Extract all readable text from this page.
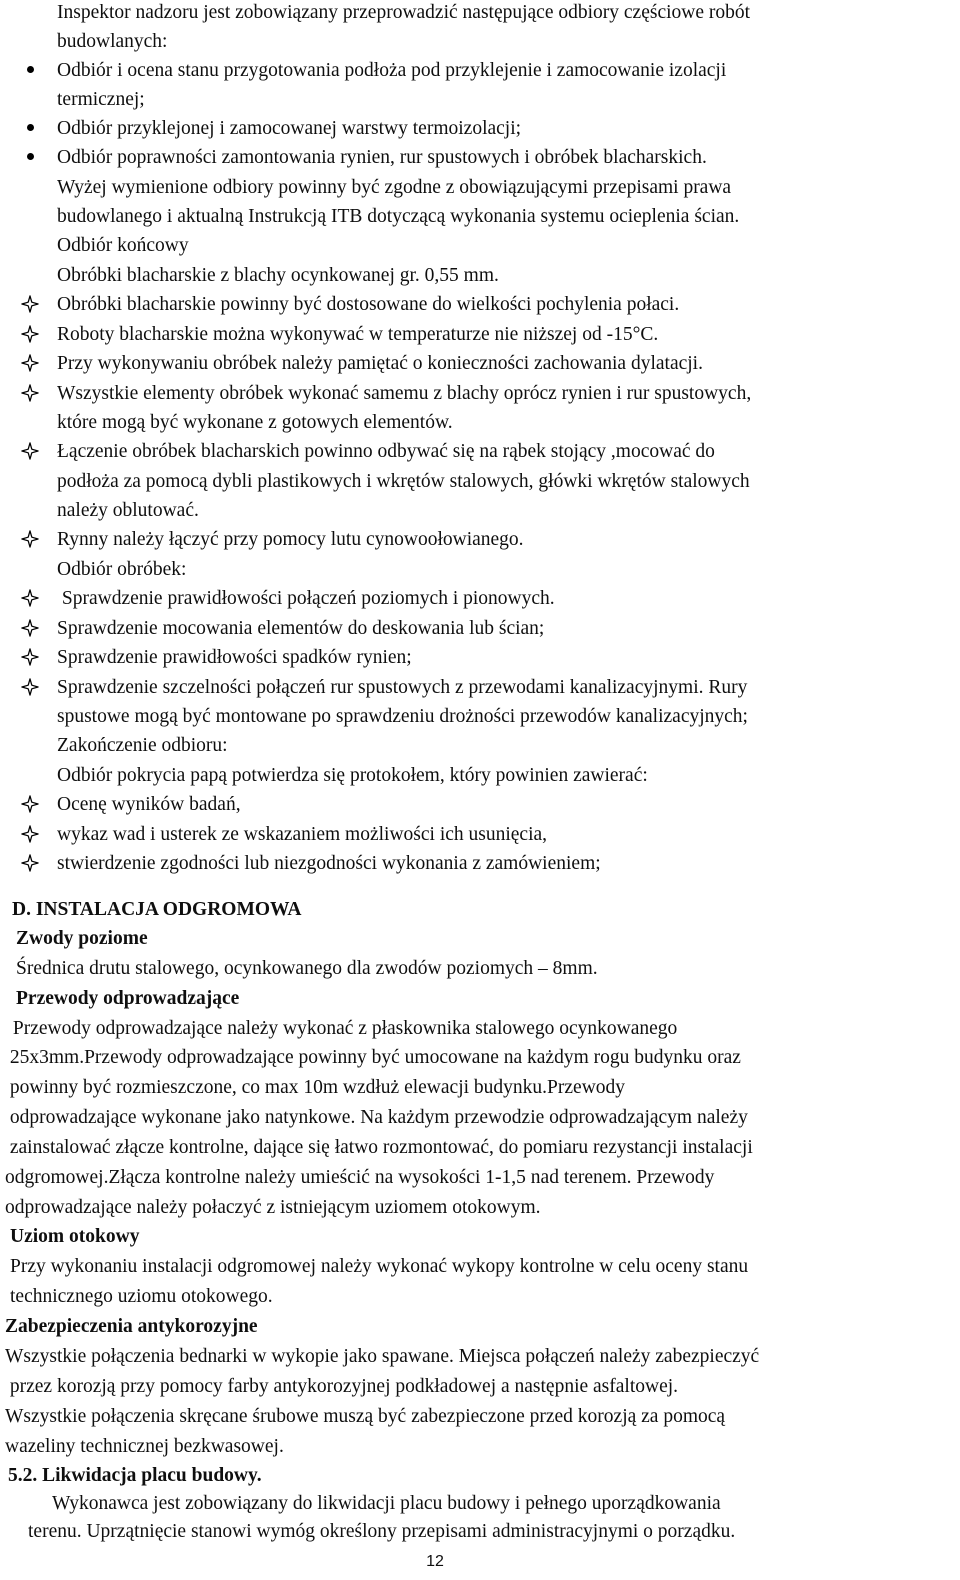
Inspektor nadzoru jest zobowiązany przeprowadzić następujące odbiory częściowe robót
budowlanych:
Odbiór i ocena stanu przygotowania podłoża pod przyklejenie i zamocowanie izolacji
termicznej;
Odbiór przyklejonej i zamocowanej warstwy termoizolacji;
Odbiór poprawności zamontowania rynien, rur spustowych i obróbek blacharskich.
Wyżej wymienione odbiory powinny być zgodne z obowiązującymi przepisami prawa
budowlanego i aktualną Instrukcją ITB dotyczącą wykonania systemu ocieplenia ścian.
Odbiór końcowy
Obróbki blacharskie z blachy ocynkowanej gr. 0,55 mm.
Obróbki blacharskie powinny być dostosowane do wielkości pochylenia połaci.
Roboty blacharskie można wykonywać w temperaturze nie niższej od -15°C.
Przy wykonywaniu obróbek należy pamiętać o konieczności zachowania dylatacji.
Wszystkie elementy obróbek wykonać samemu z blachy oprócz rynien i rur spustowych,
które mogą być wykonane z gotowych elementów.
Łączenie obróbek blacharskich powinno odbywać się na rąbek stojący ,mocować do
podłoża za pomocą dybli plastikowych i wkrętów stalowych, główki wkrętów stalowych
należy oblutować.
Rynny należy łączyć przy pomocy lutu cynowoołowianego.
Odbiór obróbek:
Sprawdzenie prawidłowości połączeń poziomych i pionowych.
Sprawdzenie mocowania elementów do deskowania lub ścian;
Sprawdzenie prawidłowości spadków rynien;
Sprawdzenie szczelności połączeń rur spustowych z przewodami kanalizacyjnymi. Rury
spustowe mogą być montowane po sprawdzeniu drożności przewodów kanalizacyjnych;
Zakończenie odbioru:
Odbiór pokrycia papą potwierdza się protokołem, który powinien zawierać:
Ocenę wyników badań,
wykaz wad i usterek ze wskazaniem możliwości ich usunięcia,
stwierdzenie zgodności lub niezgodności wykonania z zamówieniem;
D. INSTALACJA ODGROMOWA
Zwody poziome
Średnica drutu stalowego, ocynkowanego dla zwodów poziomych – 8mm.
Przewody odprowadzające
Przewody odprowadzające należy wykonać z płaskownika stalowego ocynkowanego
25x3mm.Przewody odprowadzające powinny być umocowane na każdym rogu budynku oraz
powinny być rozmieszczone, co max 10m wzdłuż elewacji budynku.Przewody
odprowadzające wykonane jako natynkowe. Na każdym przewodzie odprowadzającym należy
zainstalować złącze kontrolne, dające się łatwo rozmontować, do pomiaru rezystancji instalacji
odgromowej.Złącza kontrolne należy umieścić na wysokości 1-1,5 nad terenem. Przewody
odprowadzające należy połaczyć z istniejącym uziomem otokowym.
Uziom otokowy
Przy wykonaniu instalacji odgromowej należy wykonać wykopy kontrolne w celu oceny stanu
technicznego uziomu otokowego.
Zabezpieczenia antykorozyjne
Wszystkie połączenia bednarki w wykopie jako spawane. Miejsca połączeń należy zabezpieczyć
przez korozją przy pomocy farby antykorozyjnej podkładowej a następnie asfaltowej.
Wszystkie połączenia skręcane śrubowe muszą być zabezpieczone przed korozją za pomocą
wazeliny technicznej bezkwasowej.
5.2. Likwidacja placu budowy.
Wykonawca jest zobowiązany do likwidacji placu budowy i pełnego uporządkowania
terenu. Uprzątnięcie stanowi wymóg określony przepisami administracyjnymi o porządku.
12
